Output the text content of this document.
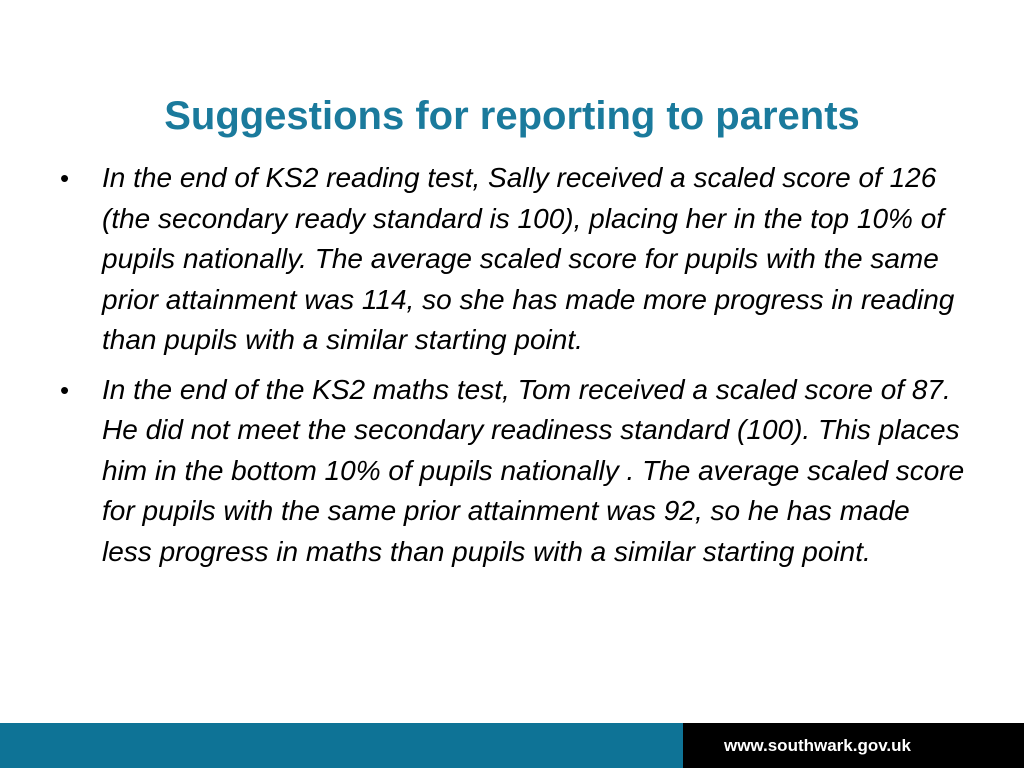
Suggestions for reporting to parents
• In the end of KS2 reading test, Sally received a scaled score of 126 (the secondary ready standard is 100), placing her in the top 10% of pupils nationally. The average scaled score for pupils with the same prior attainment was 114, so she has made more progress in reading than pupils with a similar starting point.
• In the end of the KS2 maths test, Tom received a scaled score of 87. He did not meet the secondary readiness standard (100). This places him in the bottom 10% of pupils nationally . The average scaled score for pupils with the same prior attainment was 92, so he has made less progress in maths than pupils with a similar starting point.
www.southwark.gov.uk
